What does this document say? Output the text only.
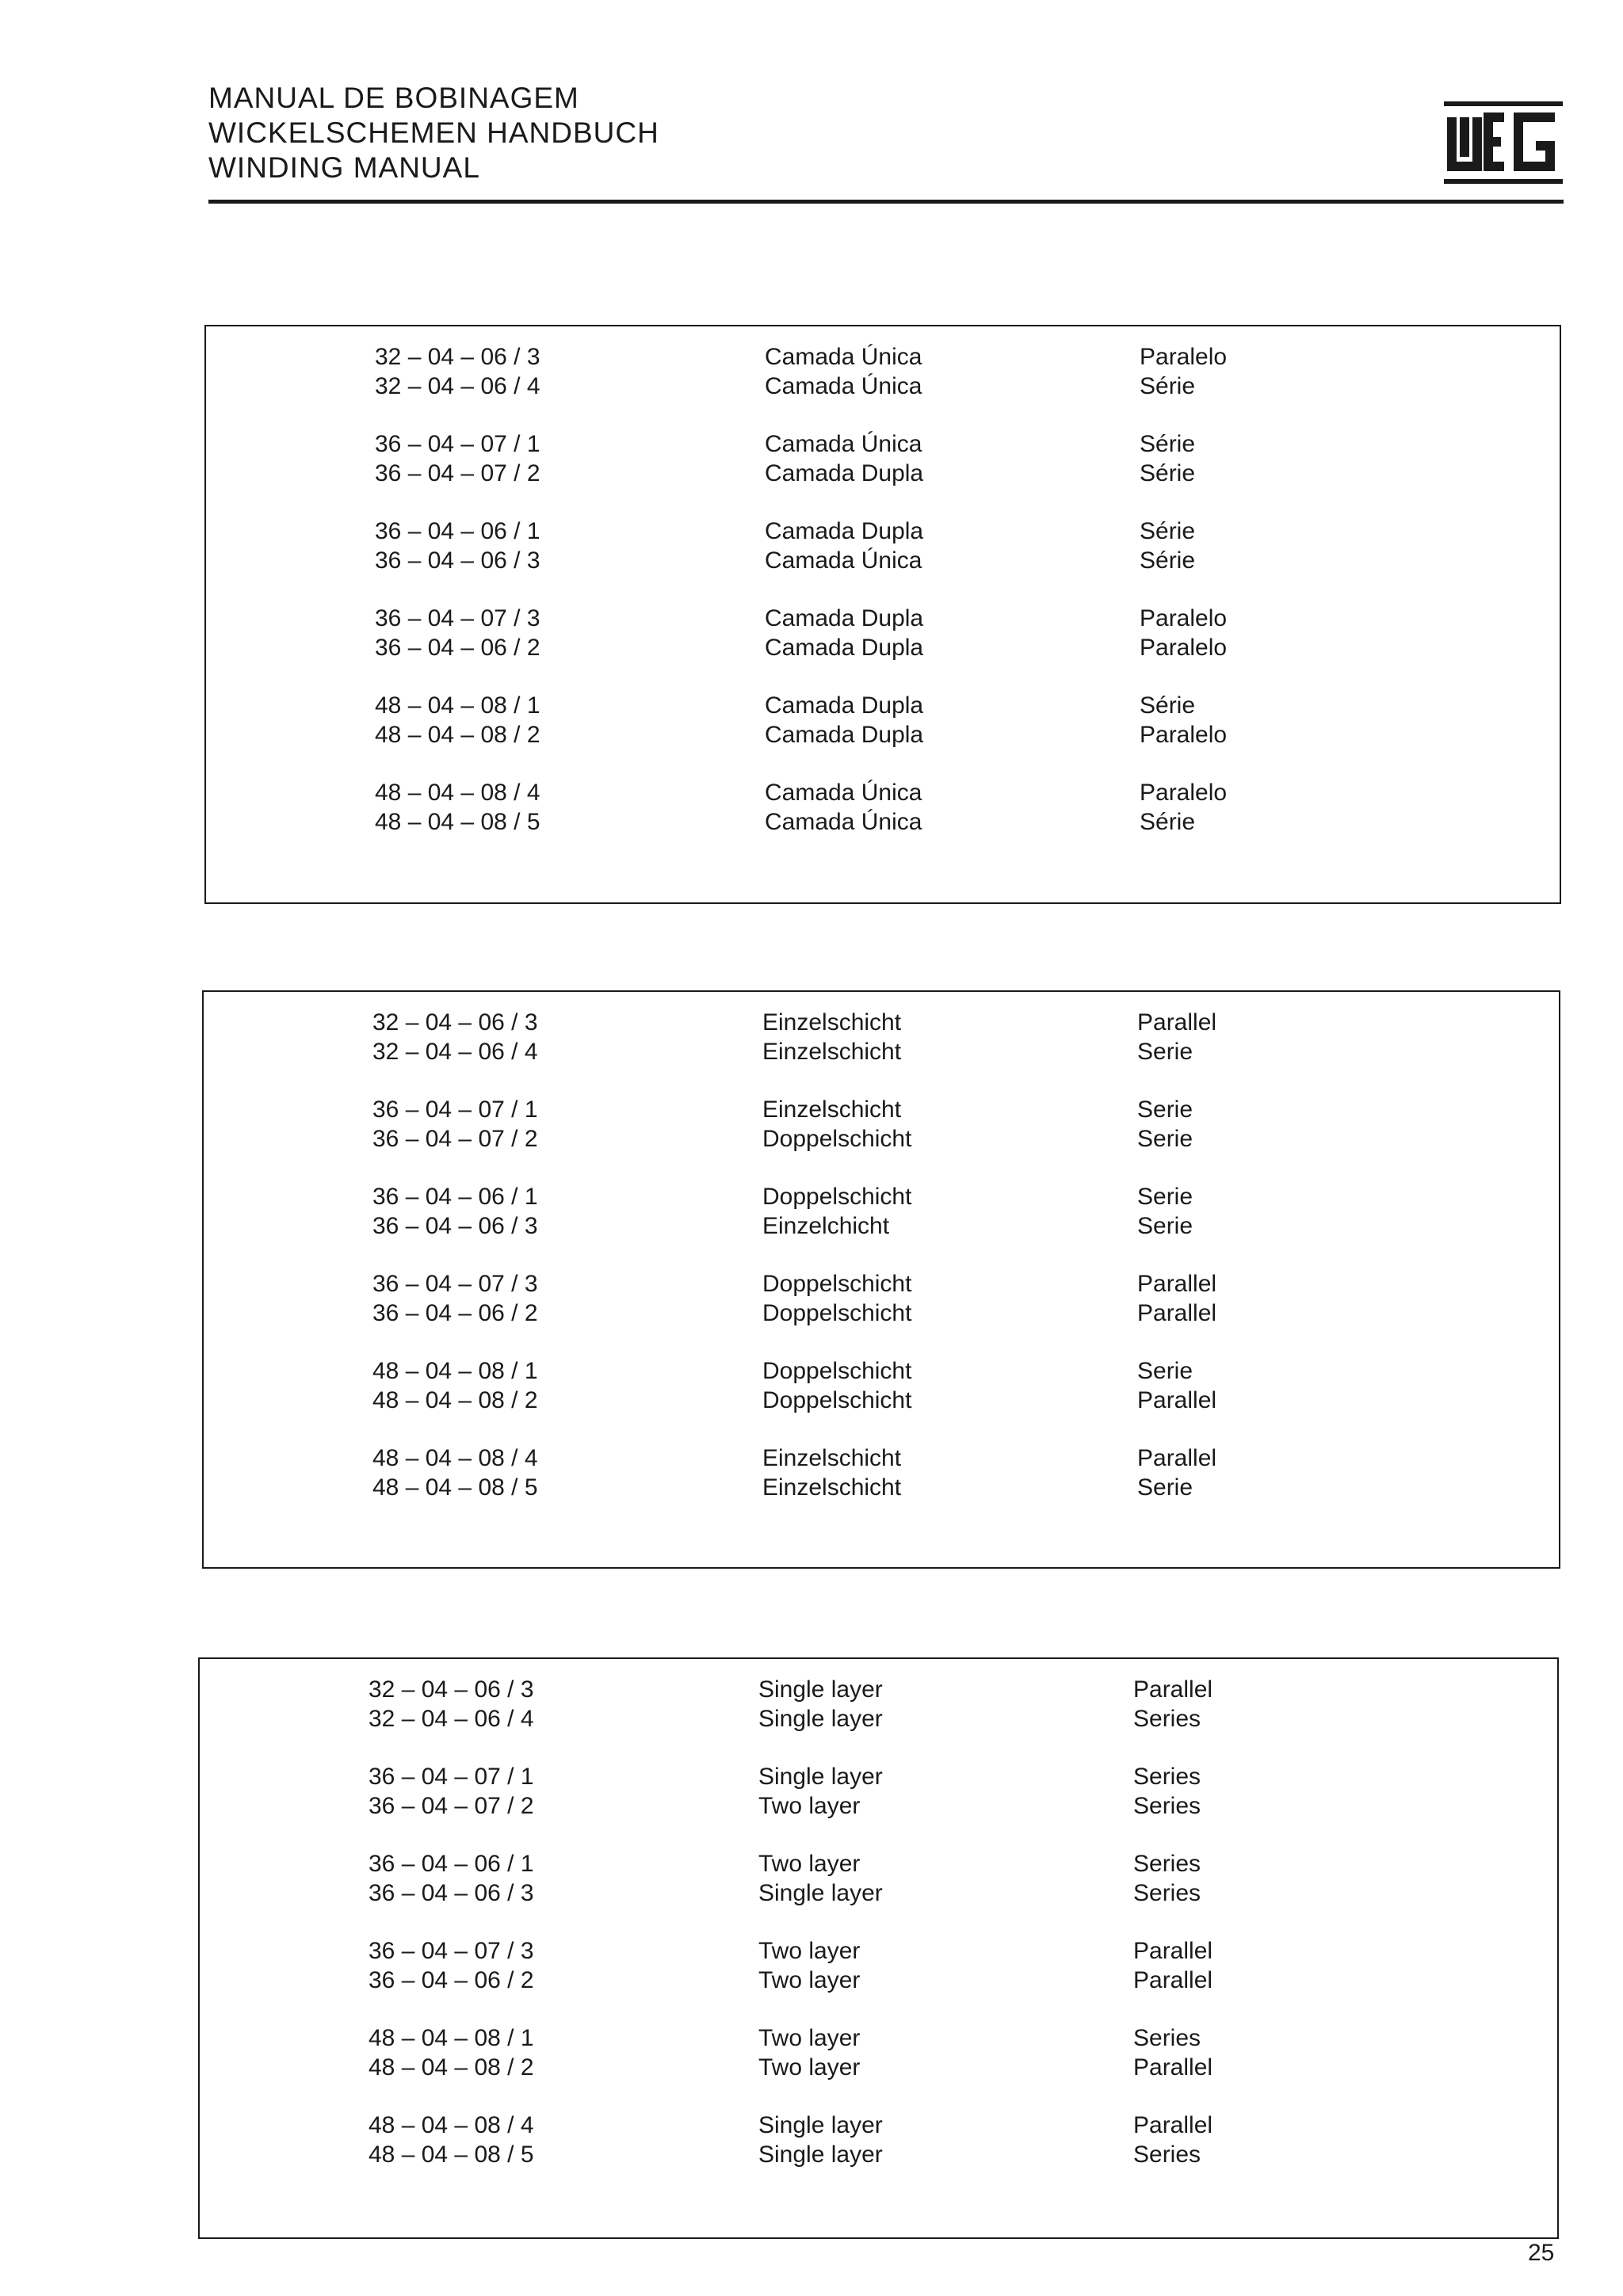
MANUAL DE BOBINAGEM
WICKELSCHEMEN HANDBUCH
WINDING MANUAL
32 – 04 – 06 / 3	Camada Única	Paralelo
32 – 04 – 06 / 4	Camada Única	Série
36 – 04 – 07 / 1	Camada Única	Série
36 – 04 – 07 / 2	Camada Dupla	Série
36 – 04 – 06 / 1	Camada Dupla	Série
36 – 04 – 06 / 3	Camada Única	Série
36 – 04 – 07 / 3	Camada Dupla	Paralelo
36 – 04 – 06 / 2	Camada Dupla	Paralelo
48 – 04 – 08 / 1	Camada Dupla	Série
48 – 04 – 08 / 2	Camada Dupla	Paralelo
48 – 04 – 08 / 4	Camada Única	Paralelo
48 – 04 – 08 / 5	Camada Única	Série
32 – 04 – 06 / 3	Einzelschicht	Parallel
32 – 04 – 06 / 4	Einzelschicht	Serie
36 – 04 – 07 / 1	Einzelschicht	Serie
36 – 04 – 07 / 2	Doppelschicht	Serie
36 – 04 – 06 / 1	Doppelschicht	Serie
36 – 04 – 06 / 3	Einzelchicht	Serie
36 – 04 – 07 / 3	Doppelschicht	Parallel
36 – 04 – 06 / 2	Doppelschicht	Parallel
48 – 04 – 08 / 1	Doppelschicht	Serie
48 – 04 – 08 / 2	Doppelschicht	Parallel
48 – 04 – 08 / 4	Einzelschicht	Parallel
48 – 04 – 08 / 5	Einzelschicht	Serie
32 – 04 – 06 / 3	Single layer	Parallel
32 – 04 – 06 / 4	Single layer	Series
36 – 04 – 07 / 1	Single layer	Series
36 – 04 – 07 / 2	Two layer	Series
36 – 04 – 06 / 1	Two layer	Series
36 – 04 – 06 / 3	Single layer	Series
36 – 04 – 07 / 3	Two layer	Parallel
36 – 04 – 06 / 2	Two layer	Parallel
48 – 04 – 08 / 1	Two layer	Series
48 – 04 – 08 / 2	Two layer	Parallel
48 – 04 – 08 / 4	Single layer	Parallel
48 – 04 – 08 / 5	Single layer	Series
25
